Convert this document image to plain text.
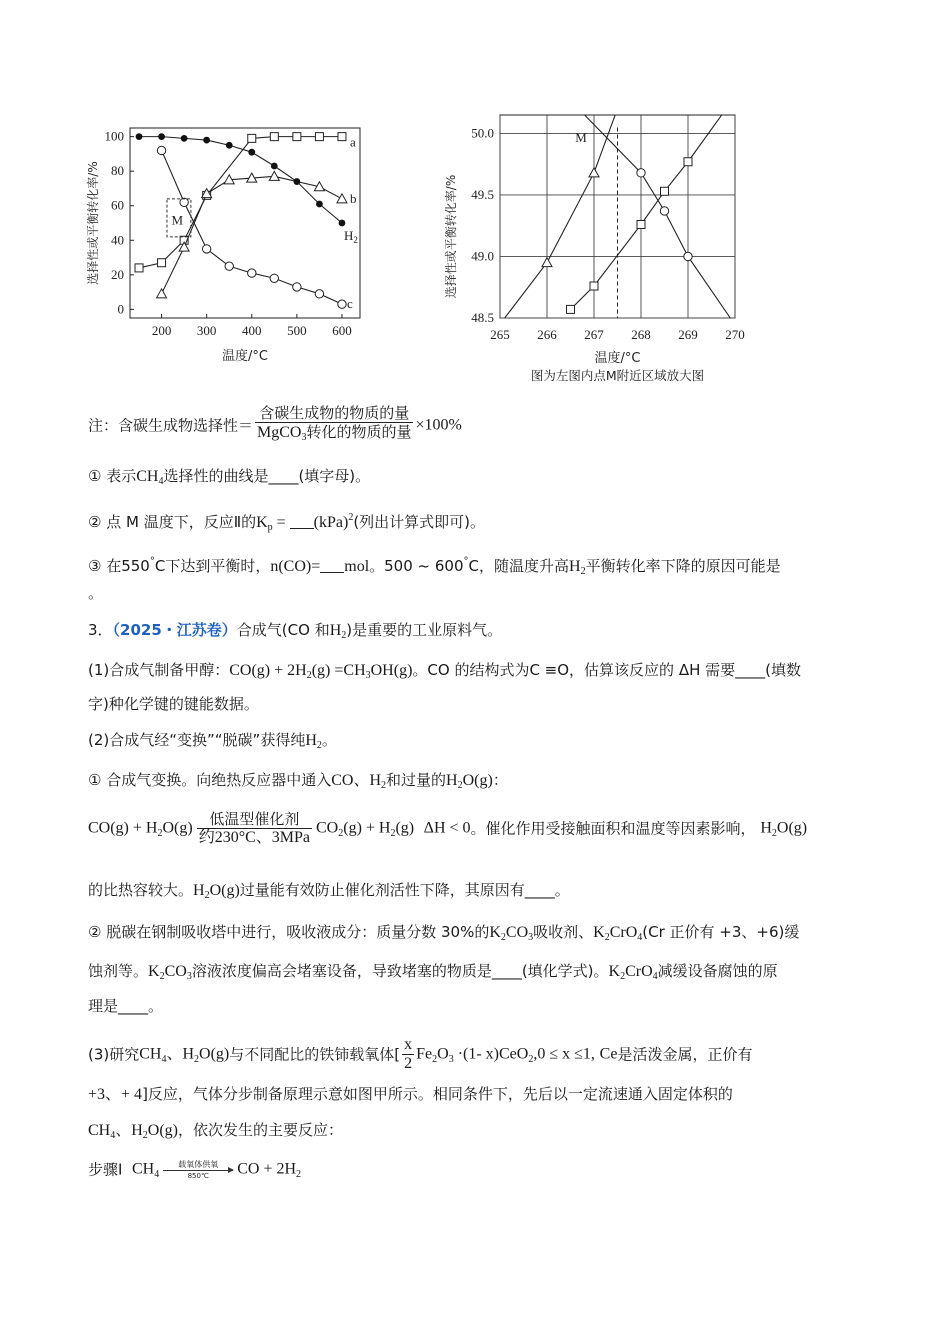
200 300 400 500 600
0
20
40
60
80
100	a
b
c
$H_2$
M
温度/°C
选择性或平衡转化率/%
265 266 267 268 269 270
48.5
49.0
49.5
50.0	M
温度/°C
图为左图内点M附近区域放大图
选择性或平衡转化率/%
注：含碳生成物选择性＝ $\frac{\text{含碳生成物的物质的量}}{MgCO_3转化的物质的量} \times 100\%$
① 表示$CH_4$选择性的曲线是____(填字母)。
② 点 M 温度下，反应Ⅱ的$K_p = (kPa)^2$(列出计算式即可)。
③ 在550°C下达到平衡时，n(CO)= mol。500 ~ 600°C，随温度升高$H_2$平衡转化率下降的原因可能是
。
3．（2025・江苏卷）合成气(CO 和$H_2$)是重要的工业原料气。
(1)合成气制备甲醇：$CO(g) + 2H_2(g) =CH_3OH(g)$。CO 的结构式为C ≡O，估算该反应的 ΔH 需要____(填数
字)种化学键的键能数据。
(2)合成气经“变换”“脱碳”获得纯$H_2$。
① 合成气变换。向绝热反应器中通入CO、$H_2$和过量的$H_2O(g)$：
$CO(g) + H_2O(g)$	低温型催化剂
约230°C、3MPa
$CO_2(g) + H_2(g) \Delta H < 0$。催化作用受接触面积和温度等因素影响， $H_2O(g)$
的比热容较大。$H_2O(g)$过量能有效防止催化剂活性下降，其原因有____。
② 脱碳在钢制吸收塔中进行，吸收液成分：质量分数 30%的$K_2CO_3$吸收剂、$K_2CrO_4(Cr$ 正价有 +3、+6)缓
蚀剂等。$K_2CO_3$溶液浓度偏高会堵塞设备，导致堵塞的物质是____(填化学式)。$K_2CrO_4$减缓设备腐蚀的原
理是____。
(3)研究$CH_4$、$H_2O(g)$与不同配比的铁铈载氧体[ $\frac{x}{2} Fe_2O_3 \cdot(1-$ x)CeO$_2$,0 ≤ x ≤1, Ce是活泼金属，正价有
+3、+ 4]反应，气体分步制备原理示意如图甲所示。相同条件下，先后以一定流速通入固定体积的
$CH_4$、$H_2O(g)$，依次发生的主要反应：
步骤Ⅰ $CH_4$
载氧体供氧
850℃	CO + $2H_2$
